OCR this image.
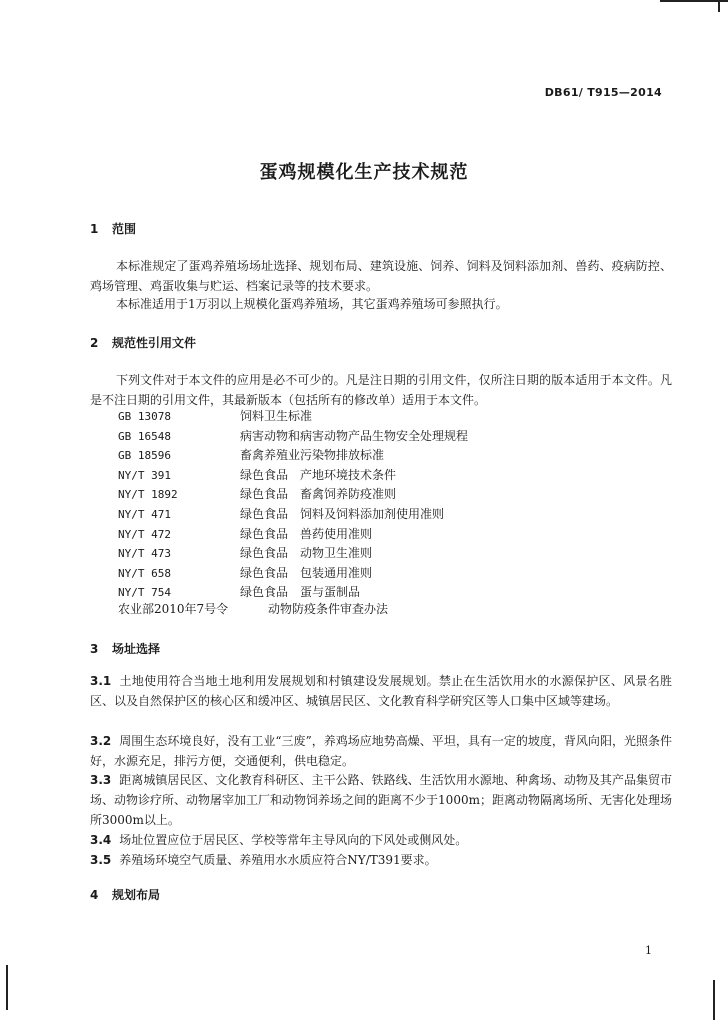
DB61/ T915—2014
蛋鸡规模化生产技术规范
1 范围
本标准规定了蛋鸡养殖场场址选择、规划布局、建筑设施、饲养、饲料及饲料添加剂、兽药、疫病防控、鸡场管理、鸡蛋收集与贮运、档案记录等的技术要求。
本标准适用于1万羽以上规模化蛋鸡养殖场，其它蛋鸡养殖场可参照执行。
2 规范性引用文件
下列文件对于本文件的应用是必不可少的。凡是注日期的引用文件，仅所注日期的版本适用于本文件。凡是不注日期的引用文件，其最新版本（包括所有的修改单）适用于本文件。
GB 13078	饲料卫生标准
GB 16548	病害动物和病害动物产品生物安全处理规程
GB 18596	畜禽养殖业污染物排放标准
NY/T 391	绿色食品　产地环境技术条件
NY/T 1892	绿色食品　畜禽饲养防疫准则
NY/T 471	绿色食品　饲料及饲料添加剂使用准则
NY/T 472	绿色食品　兽药使用准则
NY/T 473	绿色食品　动物卫生准则
NY/T 658	绿色食品　包装通用准则
NY/T 754	绿色食品　蛋与蛋制品
农业部2010年7号令	动物防疫条件审查办法
3 场址选择
3.1 土地使用符合当地土地利用发展规划和村镇建设发展规划。禁止在生活饮用水的水源保护区、风景名胜区、以及自然保护区的核心区和缓冲区、城镇居民区、文化教育科学研究区等人口集中区域等建场。
3.2 周围生态环境良好，没有工业“三废”，养鸡场应地势高燥、平坦，具有一定的坡度，背风向阳，光照条件好，水源充足，排污方便，交通便利，供电稳定。
3.3 距离城镇居民区、文化教育科研区、主干公路、铁路线、生活饮用水源地、种禽场、动物及其产品集贸市场、动物诊疗所、动物屠宰加工厂和动物饲养场之间的距离不少于1000m；距离动物隔离场所、无害化处理场所3000m以上。
3.4 场址位置应位于居民区、学校等常年主导风向的下风处或侧风处。
3.5 养殖场环境空气质量、养殖用水水质应符合NY/T391要求。
4 规划布局
1
